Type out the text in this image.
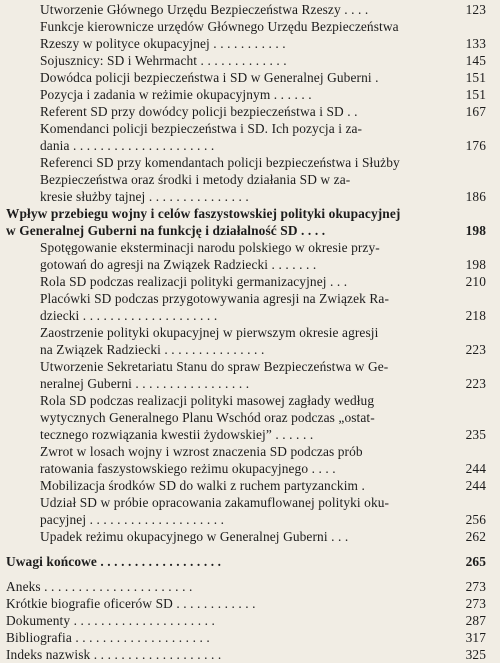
Utworzenie Głównego Urzędu Bezpieczeństwa Rzeszy . . . .	123
Funkcje kierownicze urzędów Głównego Urzędu Bezpieczeństwa
Rzeszy w polityce okupacyjnej . . . . . . . . . . .	133
Sojusznicy: SD i Wehrmacht . . . . . . . . . . . . .	145
Dowódca policji bezpieczeństwa i SD w Generalnej Guberni .	151
Pozycja i zadania w reżimie okupacyjnym . . . . . .	151
Referent SD przy dowódcy policji bezpieczeństwa i SD . .	167
Komendanci policji bezpieczeństwa i SD. Ich pozycja i za-
dania . . . . . . . . . . . . . . . . . . . . .	176
Referenci SD przy komendantach policji bezpieczeństwa i Służby
Bezpieczeństwa oraz środki i metody działania SD w za-
kresie służby tajnej . . . . . . . . . . . . . . .	186
Wpływ przebiegu wojny i celów faszystowskiej polityki okupacyjnej
w Generalnej Guberni na funkcję i działalność SD . . . .	198
Spotęgowanie eksterminacji narodu polskiego w okresie przy-
gotowań do agresji na Związek Radziecki . . . . . . .	198
Rola SD podczas realizacji polityki germanizacyjnej . . .	210
Placówki SD podczas przygotowywania agresji na Związek Ra-
dziecki . . . . . . . . . . . . . . . . . . . .	218
Zaostrzenie polityki okupacyjnej w pierwszym okresie agresji
na Związek Radziecki . . . . . . . . . . . . . . .	223
Utworzenie Sekretariatu Stanu do spraw Bezpieczeństwa w Ge-
neralnej Guberni . . . . . . . . . . . . . . . . .	223
Rola SD podczas realizacji polityki masowej zagłady według
wytycznych Generalnego Planu Wschód oraz podczas „ostat-
tecznego rozwiązania kwestii żydowskiej” . . . . . .	235
Zwrot w losach wojny i wzrost znaczenia SD podczas prób
ratowania faszystowskiego reżimu okupacyjnego . . . .	244
Mobilizacja środków SD do walki z ruchem partyzanckim .	244
Udział SD w próbie opracowania zakamuflowanej polityki oku-
pacyjnej . . . . . . . . . . . . . . . . . . . .	256
Upadek reżimu okupacyjnego w Generalnej Guberni . . .	262
Uwagi końcowe . . . . . . . . . . . . . . . . . .	265
Aneks . . . . . . . . . . . . . . . . . . . . . .	273
Krótkie biografie oficerów SD . . . . . . . . . . . .	273
Dokumenty . . . . . . . . . . . . . . . . . . . . .	287
Bibliografia . . . . . . . . . . . . . . . . . . . .	317
Indeks nazwisk . . . . . . . . . . . . . . . . . . .	325
